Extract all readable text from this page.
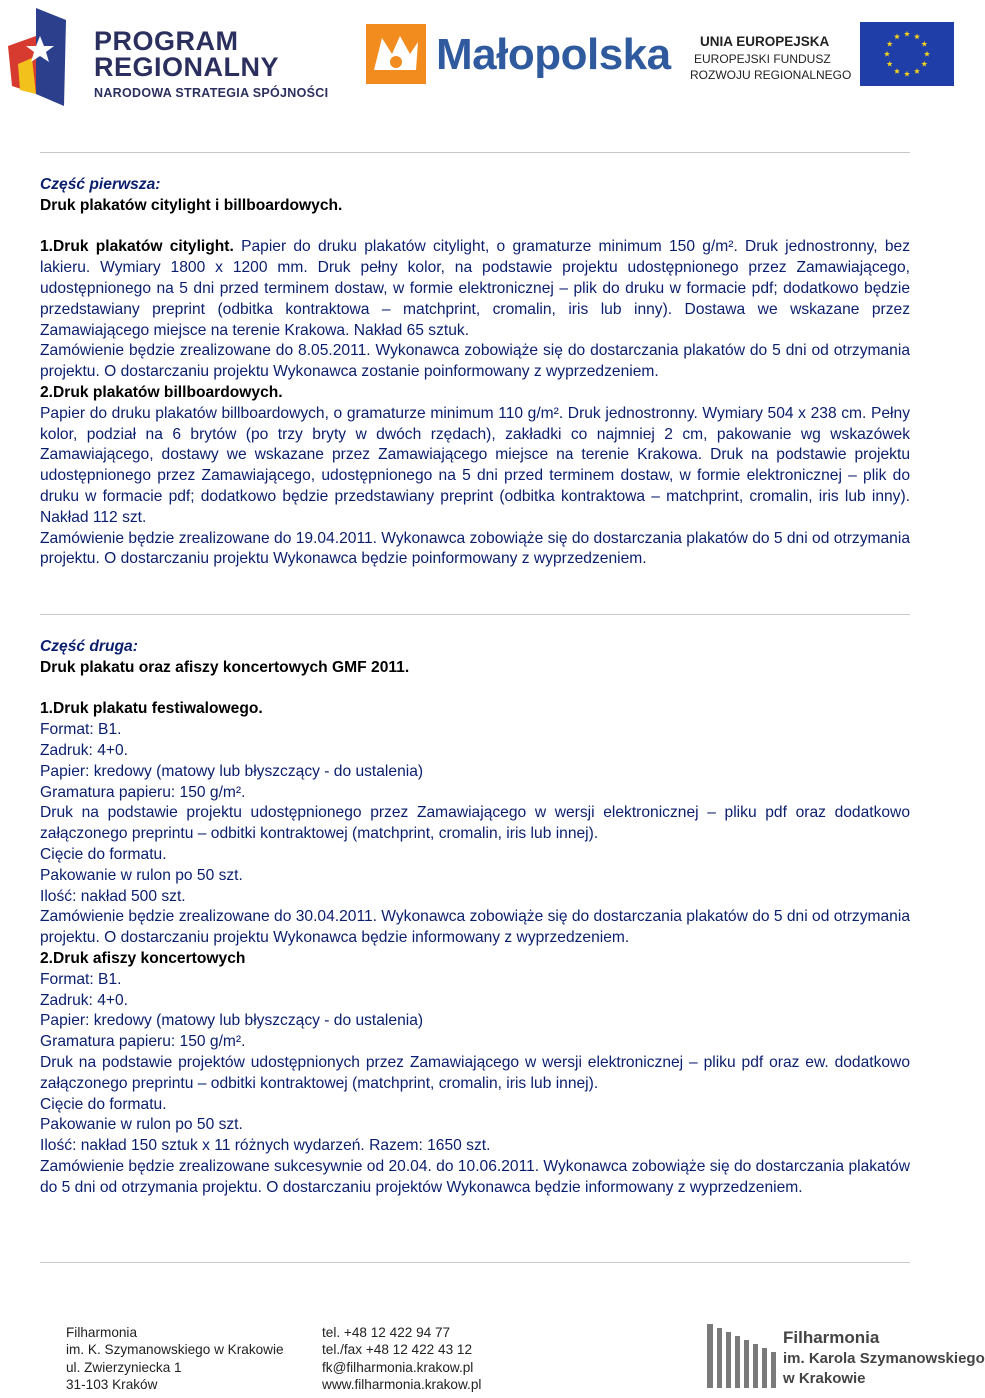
PROGRAM
REGIONALNY
NARODOWA STRATEGIA SPÓJNOŚCI
Małopolska UNIA EUROPEJSKA
EUROPEJSKI FUNDUSZ
ROZWOJU REGIONALNEGO

Część pierwsza:

Druk plakatów citylight i billboardowych.

1.Druk plakatów citylight. Papier do druku plakatów citylight, o gramaturze minimum 150 g/m². Druk jednostronny, bez lakieru. Wymiary 1800 x 1200 mm. Druk pełny kolor, na podstawie projektu udostępnionego przez Zamawiającego, udostępnionego na 5 dni przed terminem dostaw, w formie elektronicznej – plik do druku w formacie pdf; dodatkowo będzie przedstawiany preprint (odbitka kontraktowa – matchprint, cromalin, iris lub inny). Dostawa we wskazane przez Zamawiającego miejsce na terenie Krakowa. Nakład 65 sztuk.

Zamówienie będzie zrealizowane do 8.05.2011. Wykonawca zobowiąże się do dostarczania plakatów do 5 dni od otrzymania projektu. O dostarczaniu projektu Wykonawca zostanie poinformowany z wyprzedzeniem.

2.Druk plakatów billboardowych.

Papier do druku plakatów billboardowych, o gramaturze minimum 110 g/m². Druk jednostronny. Wymiary 504 x 238 cm. Pełny kolor, podział na 6 brytów (po trzy bryty w dwóch rzędach), zakładki co najmniej 2 cm, pakowanie wg wskazówek Zamawiającego, dostawy we wskazane przez Zamawiającego miejsce na terenie Krakowa. Druk na podstawie projektu udostępnionego przez Zamawiającego, udostępnionego na 5 dni przed terminem dostaw, w formie elektronicznej – plik do druku w formacie pdf; dodatkowo będzie przedstawiany preprint (odbitka kontraktowa – matchprint, cromalin, iris lub inny). Nakład 112 szt.

Zamówienie będzie zrealizowane do 19.04.2011. Wykonawca zobowiąże się do dostarczania plakatów do 5 dni od otrzymania projektu. O dostarczaniu projektu Wykonawca będzie poinformowany z wyprzedzeniem.

Część druga:

Druk plakatu oraz afiszy koncertowych GMF 2011.

1.Druk plakatu festiwalowego.

Format: B1.

Zadruk: 4+0.

Papier: kredowy (matowy lub błyszczący - do ustalenia)

Gramatura papieru: 150 g/m².

Druk na podstawie projektu udostępnionego przez Zamawiającego w wersji elektronicznej – pliku pdf oraz dodatkowo załączonego preprintu – odbitki kontraktowej (matchprint, cromalin, iris lub innej).

Cięcie do formatu.

Pakowanie w rulon po 50 szt.

Ilość: nakład 500 szt.

Zamówienie będzie zrealizowane do 30.04.2011. Wykonawca zobowiąże się do dostarczania plakatów do 5 dni od otrzymania projektu. O dostarczaniu projektu Wykonawca będzie informowany z wyprzedzeniem.

2.Druk afiszy koncertowych

Format: B1.

Zadruk: 4+0.

Papier: kredowy (matowy lub błyszczący - do ustalenia)

Gramatura papieru: 150 g/m².

Druk na podstawie projektów udostępnionych przez Zamawiającego w wersji elektronicznej – pliku pdf oraz ew. dodatkowo załączonego preprintu – odbitki kontraktowej (matchprint, cromalin, iris lub innej).

Cięcie do formatu.

Pakowanie w rulon po 50 szt.

Ilość: nakład 150 sztuk x 11 różnych wydarzeń. Razem: 1650 szt.

Zamówienie będzie zrealizowane sukcesywnie od 20.04. do 10.06.2011. Wykonawca zobowiąże się do dostarczania plakatów do 5 dni od otrzymania projektu. O dostarczaniu projektów Wykonawca będzie informowany z wyprzedzeniem.

Filharmonia
im. K. Szymanowskiego w Krakowie
ul. Zwierzyniecka 1
31-103 Kraków
tel. +48 12 422 94 77
tel./fax +48 12 422 43 12
fk@filharmonia.krakow.pl
www.filharmonia.krakow.pl
Filharmonia
im. Karola Szymanowskiego
w Krakowie
